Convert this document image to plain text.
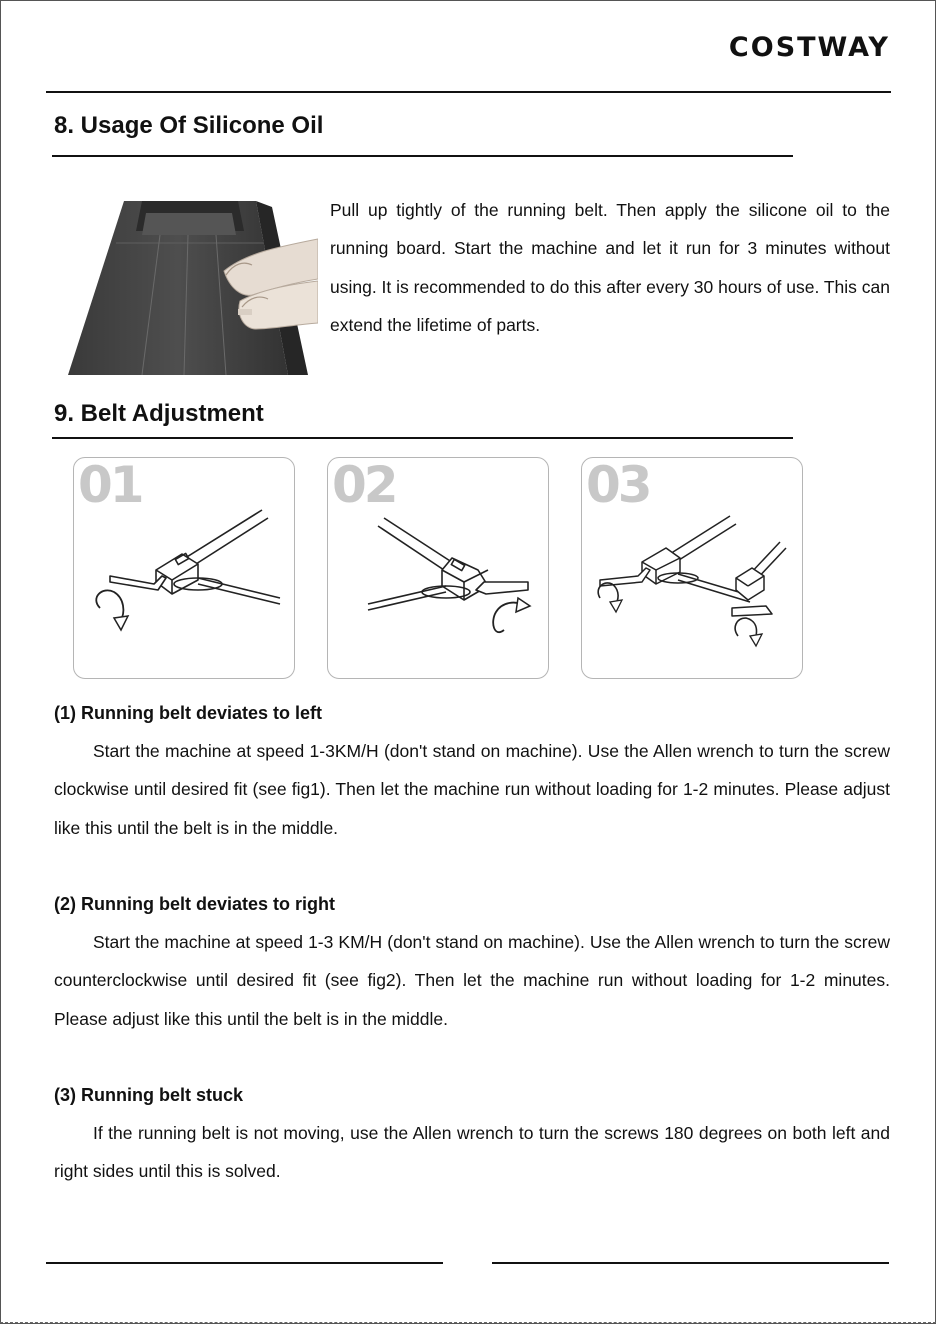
COSTWAY
8. Usage Of Silicone Oil
Pull up tightly of the running belt. Then apply the silicone oil to the running board. Start the machine and let it run for 3 minutes without using. It is recommended to do this after every 30 hours of use. This can extend the lifetime of parts.
9. Belt Adjustment
01	02	03
(1) Running belt deviates to left
Start the machine at speed 1-3KM/H (don't stand on machine). Use the Allen wrench to turn the screw clockwise until desired fit (see fig1). Then let the machine run without loading for 1-2 minutes. Please adjust like this until the belt is in the middle.
(2) Running belt deviates to right
Start the machine at speed 1-3 KM/H (don't stand on machine). Use the Allen wrench to turn the screw counterclockwise until desired fit (see fig2). Then let the machine run without loading for 1-2 minutes. Please adjust like this until the belt is in the middle.
(3) Running belt stuck
If the running belt is not moving, use the Allen wrench to turn the screws 180 degrees on both left and right sides until this is solved.
